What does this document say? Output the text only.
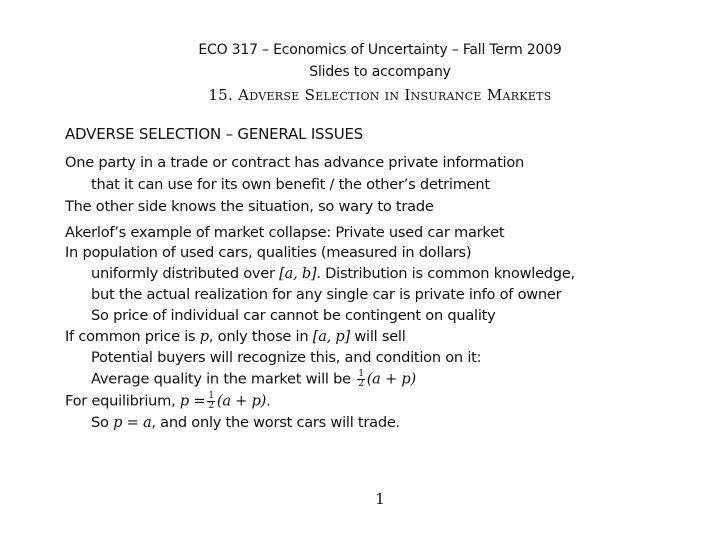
ECO 317 – Economics of Uncertainty – Fall Term 2009
Slides to accompany
15. Adverse Selection in Insurance Markets
ADVERSE SELECTION – GENERAL ISSUES
One party in a trade or contract has advance private information
that it can use for its own benefit / the other’s detriment
The other side knows the situation, so wary to trade
Akerlof’s example of market collapse: Private used car market
In population of used cars, qualities (measured in dollars)
uniformly distributed over [a, b]. Distribution is common knowledge,
but the actual realization for any single car is private info of owner
So price of individual car cannot be contingent on quality
If common price is p, only those in [a, p] will sell
Potential buyers will recognize this, and condition on it:
Average quality in the market will be $\frac{1}{2} (a + p)$
For equilibrium, $p = \frac{1}{2} (a + p)$.
So p = a, and only the worst cars will trade.
1
